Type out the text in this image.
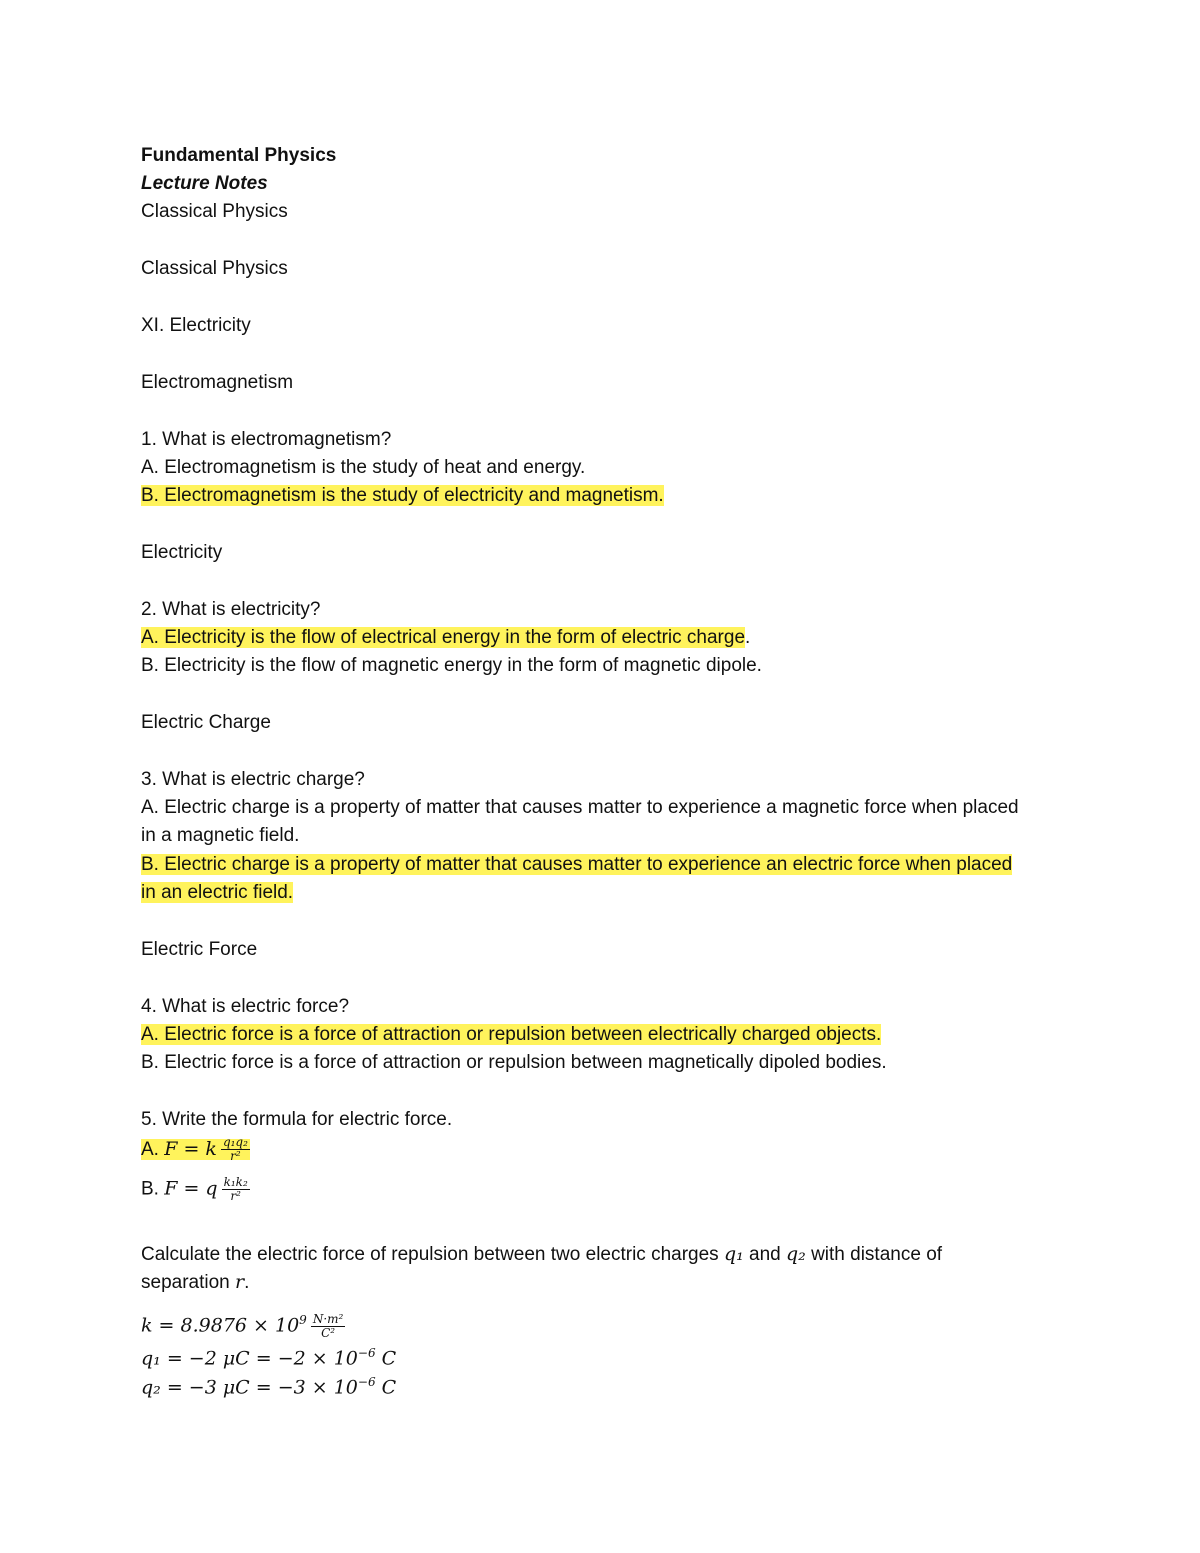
Fundamental Physics
Lecture Notes
Classical Physics
Classical Physics
XI. Electricity
Electromagnetism
1. What is electromagnetism?
A. Electromagnetism is the study of heat and energy.
B. Electromagnetism is the study of electricity and magnetism.
Electricity
2. What is electricity?
A. Electricity is the flow of electrical energy in the form of electric charge.
B. Electricity is the flow of magnetic energy in the form of magnetic dipole.
Electric Charge
3. What is electric charge?
A. Electric charge is a property of matter that causes matter to experience a magnetic force when placed
in a magnetic field.
B. Electric charge is a property of matter that causes matter to experience an electric force when placed
in an electric field.
Electric Force
4. What is electric force?
A. Electric force is a force of attraction or repulsion between electrically charged objects.
B. Electric force is a force of attraction or repulsion between magnetically dipoled bodies.
5. Write the formula for electric force.
A. F = k $\frac{\text{q₁q₂}}{\text{r²}}$
B. F = q $\frac{\text{k₁k₂}}{\text{r²}}$
Calculate the electric force of repulsion between two electric charges q₁ and q₂ with distance of
separation r.
$k = 8.9876 \times 10^9 \frac{\text{N·m²}}{\text{C²}}$
q₁ = −2 $\mu C = -2 \times 10^{-6}$ C
q₂ = −3 $\mu C = -3 \times 10^{-6}$ C
